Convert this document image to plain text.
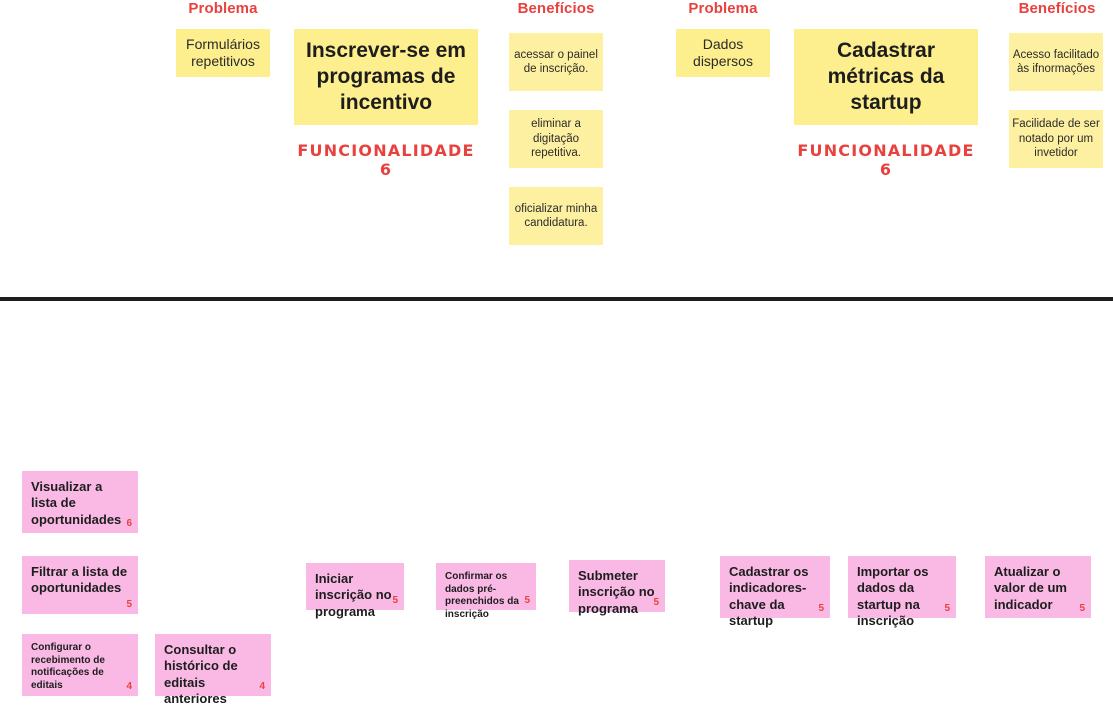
Problema	Benefícios	Problema	Benefícios
Formulários repetitivos
Dados dispersos
Inscrever-se em programas de incentivo
Cadastrar métricas da startup
FUNCIONALIDADE 6
FUNCIONALIDADE 6
acessar o painel de inscrição.
eliminar a digitação repetitiva.
oficializar minha candidatura.
Acesso facilitado às ifnormações
Facilidade de ser notado por um invetidor
Visualizar a lista de oportunidades 6
Filtrar a lista de oportunidades
5
Configurar o recebimento de notificações de editais	4
Consultar o histórico de editais anteriores
4
Iniciar inscrição no programa
5
Confirmar os dados pré-preenchidos da inscrição
5
Submeter inscrição no programa	5
Cadastrar os indicadores-chave da startup
5
Importar os dados da startup na inscrição
5
Atualizar o valor de um indicador	5
